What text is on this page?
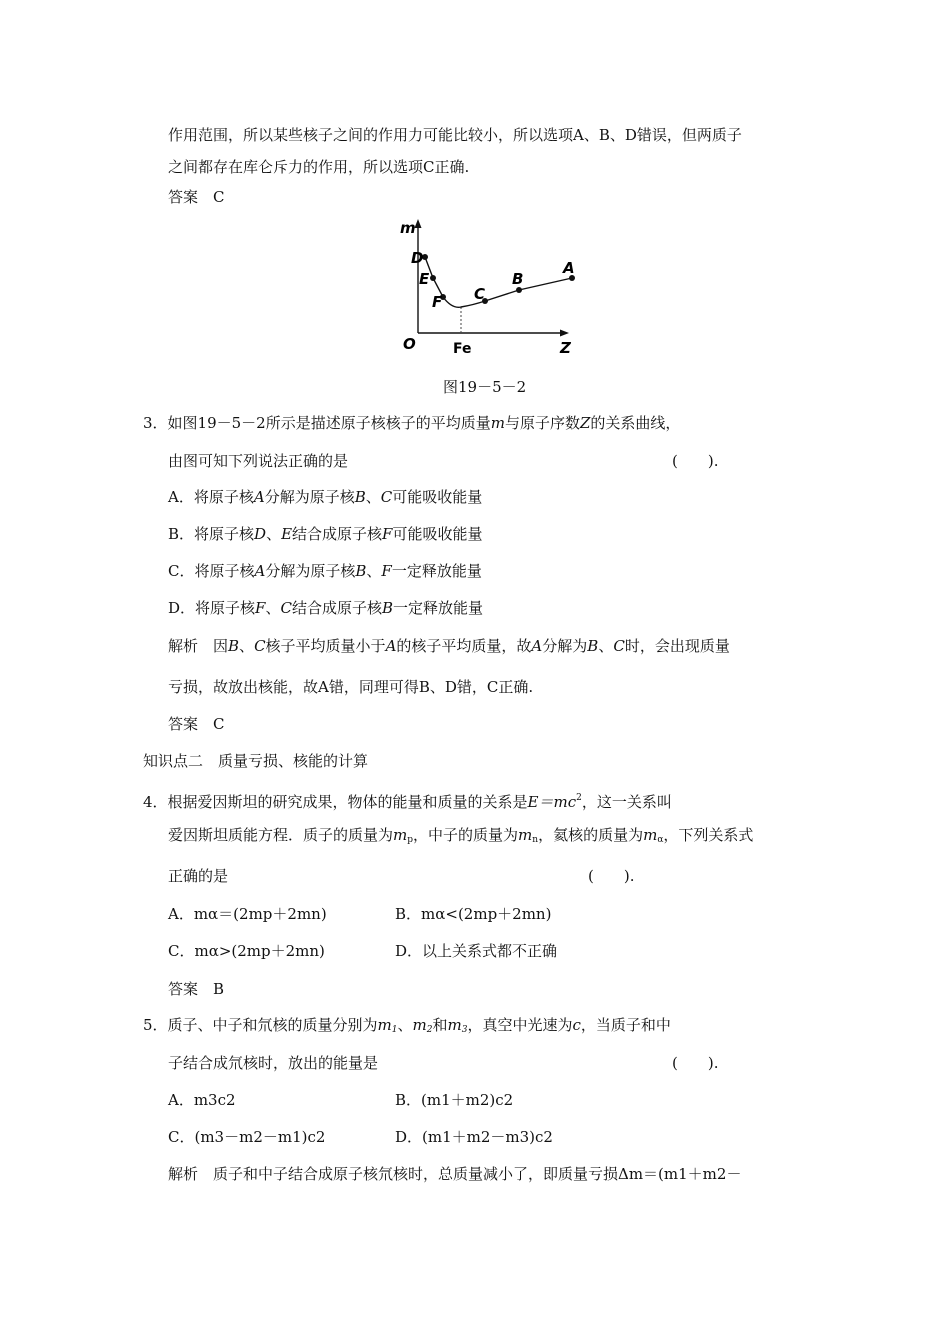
作用范围，所以某些核子之间的作用力可能比较小，所以选项A、B、D错误，但两质子
之间都存在库仑斥力的作用，所以选项C正确.
答案　C
m
Z
O	Fe
D
E
F C
B
A
图19－5－2
3．如图19－5－2所示是描述原子核核子的平均质量m与原子序数Z的关系曲线，
由图可知下列说法正确的是	(　　).
A．将原子核A分解为原子核B、C可能吸收能量
B．将原子核D、E结合成原子核F可能吸收能量
C．将原子核A分解为原子核B、F一定释放能量
D．将原子核F、C结合成原子核B一定释放能量
解析　因B、C核子平均质量小于A的核子平均质量，故A分解为B、C时，会出现质量
亏损，故放出核能，故A错，同理可得B、D错，C正确.
答案　C
知识点二　质量亏损、核能的计算
4．根据爱因斯坦的研究成果，物体的能量和质量的关系是$E=mc^2$，这一关系叫
爱因斯坦质能方程．质子的质量为$m_p$，中子的质量为$m_n$，氦核的质量为$m_\alpha$，下列关系式
正确的是	(　　).
A．mα＝(2mp＋2mn)	B．mα<(2mp＋2mn)
C．mα>(2mp＋2mn)	D．以上关系式都不正确
答案　B
5．质子、中子和氘核的质量分别为$m_1$、$m_2$和$m_3$，真空中光速为c，当质子和中
子结合成氘核时，放出的能量是	(　　).
A．m3c2	B．(m1＋m2)c2
C．(m3－m2－m1)c2	D．(m1＋m2－m3)c2
解析　质子和中子结合成原子核氘核时，总质量减小了，即质量亏损Δm＝(m1＋m2－
